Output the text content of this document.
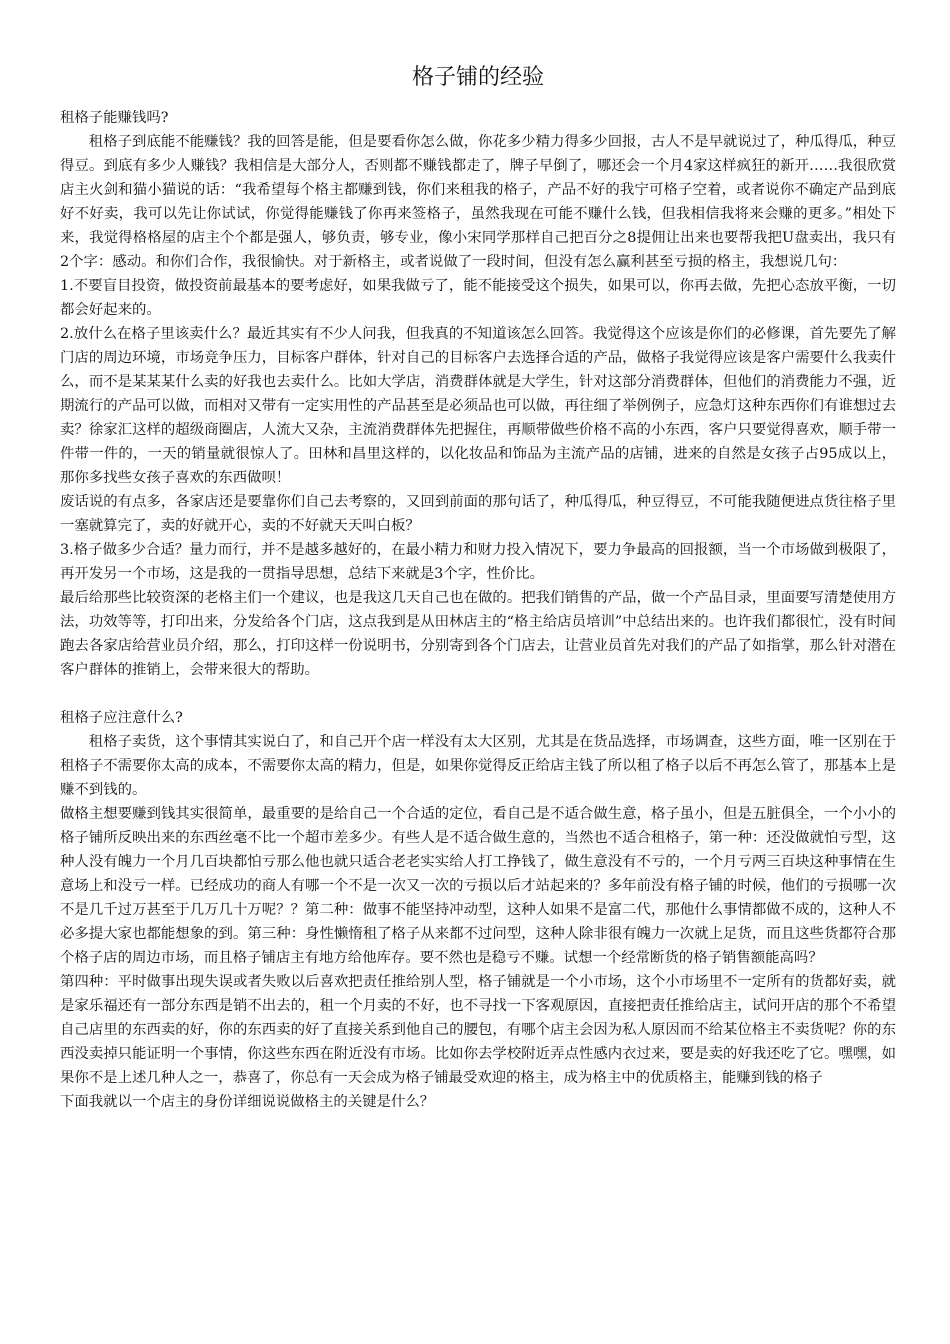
格子铺的经验

租格子能赚钱吗?

租格子到底能不能赚钱？我的回答是能，但是要看你怎么做，你花多少精力得多少回报，古人不是早就说过了，种瓜得瓜，种豆得豆。到底有多少人赚钱？我相信是大部分人，否则都不赚钱都走了，牌子早倒了，哪还会一个月4家这样疯狂的新开……我很欣赏店主火剑和猫小猫说的话：“我希望每个格主都赚到钱，你们来租我的格子，产品不好的我宁可格子空着，或者说你不确定产品到底好不好卖，我可以先让你试试，你觉得能赚钱了你再来签格子，虽然我现在可能不赚什么钱，但我相信我将来会赚的更多。”相处下来，我觉得格格屋的店主个个都是强人，够负责，够专业，像小宋同学那样自己把百分之8提佣让出来也要帮我把U盘卖出，我只有2个字：感动。和你们合作，我很愉快。对于新格主，或者说做了一段时间，但没有怎么赢利甚至亏损的格主，我想说几句：

1.不要盲目投资，做投资前最基本的要考虑好，如果我做亏了，能不能接受这个损失，如果可以，你再去做，先把心态放平衡，一切都会好起来的。

2.放什么在格子里该卖什么？最近其实有不少人问我，但我真的不知道该怎么回答。我觉得这个应该是你们的必修课，首先要先了解门店的周边环境，市场竞争压力，目标客户群体，针对自己的目标客户去选择合适的产品，做格子我觉得应该是客户需要什么我卖什么，而不是某某某什么卖的好我也去卖什么。比如大学店，消费群体就是大学生，针对这部分消费群体，但他们的消费能力不强，近期流行的产品可以做，而相对又带有一定实用性的产品甚至是必须品也可以做，再往细了举例例子，应急灯这种东西你们有谁想过去卖？徐家汇这样的超级商圈店，人流大又杂，主流消费群体先把握住，再顺带做些价格不高的小东西，客户只要觉得喜欢，顺手带一件带一件的，一天的销量就很惊人了。田林和昌里这样的，以化妆品和饰品为主流产品的店铺，进来的自然是女孩子占95成以上，那你多找些女孩子喜欢的东西做呗！

废话说的有点多，各家店还是要靠你们自己去考察的，又回到前面的那句话了，种瓜得瓜，种豆得豆，不可能我随便进点货往格子里一塞就算完了，卖的好就开心，卖的不好就天天叫白板？

3.格子做多少合适？量力而行，并不是越多越好的，在最小精力和财力投入情况下，要力争最高的回报额，当一个市场做到极限了，再开发另一个市场，这是我的一贯指导思想，总结下来就是3个字，性价比。

最后给那些比较资深的老格主们一个建议，也是我这几天自己也在做的。把我们销售的产品，做一个产品目录，里面要写清楚使用方法，功效等等，打印出来，分发给各个门店，这点我到是从田林店主的“格主给店员培训”中总结出来的。也许我们都很忙，没有时间跑去各家店给营业员介绍，那么，打印这样一份说明书，分别寄到各个门店去，让营业员首先对我们的产品了如指掌，那么针对潜在客户群体的推销上，会带来很大的帮助。

租格子应注意什么?

租格子卖货，这个事情其实说白了，和自己开个店一样没有太大区别，尤其是在货品选择，市场调查，这些方面，唯一区别在于租格子不需要你太高的成本，不需要你太高的精力，但是，如果你觉得反正给店主钱了所以租了格子以后不再怎么管了，那基本上是赚不到钱的。

做格主想要赚到钱其实很简单，最重要的是给自己一个合适的定位，看自己是不适合做生意，格子虽小，但是五脏俱全，一个小小的格子铺所反映出来的东西丝毫不比一个超市差多少。有些人是不适合做生意的，当然也不适合租格子，第一种：还没做就怕亏型，这种人没有魄力一个月几百块都怕亏那么他也就只适合老老实实给人打工挣钱了，做生意没有不亏的，一个月亏两三百块这种事情在生意场上和没亏一样。已经成功的商人有哪一个不是一次又一次的亏损以后才站起来的？多年前没有格子铺的时候，他们的亏损哪一次不是几千过万甚至于几万几十万呢？？第二种：做事不能坚持冲动型，这种人如果不是富二代，那他什么事情都做不成的，这种人不必多提大家也都能想象的到。第三种：身性懒惰租了格子从来都不过问型，这种人除非很有魄力一次就上足货，而且这些货都符合那个格子店的周边市场，而且格子铺店主有地方给他库存。要不然也是稳亏不赚。试想一个经常断货的格子销售额能高吗？

第四种：平时做事出现失误或者失败以后喜欢把责任推给别人型，格子铺就是一个小市场，这个小市场里不一定所有的货都好卖，就是家乐福还有一部分东西是销不出去的，租一个月卖的不好，也不寻找一下客观原因，直接把责任推给店主，试问开店的那个不希望自己店里的东西卖的好，你的东西卖的好了直接关系到他自己的腰包，有哪个店主会因为私人原因而不给某位格主不卖货呢？你的东西没卖掉只能证明一个事情，你这些东西在附近没有市场。比如你去学校附近弄点性感内衣过来，要是卖的好我还吃了它。嘿嘿，如果你不是上述几种人之一，恭喜了，你总有一天会成为格子铺最受欢迎的格主，成为格主中的优质格主，能赚到钱的格子

下面我就以一个店主的身份详细说说做格主的关键是什么？
